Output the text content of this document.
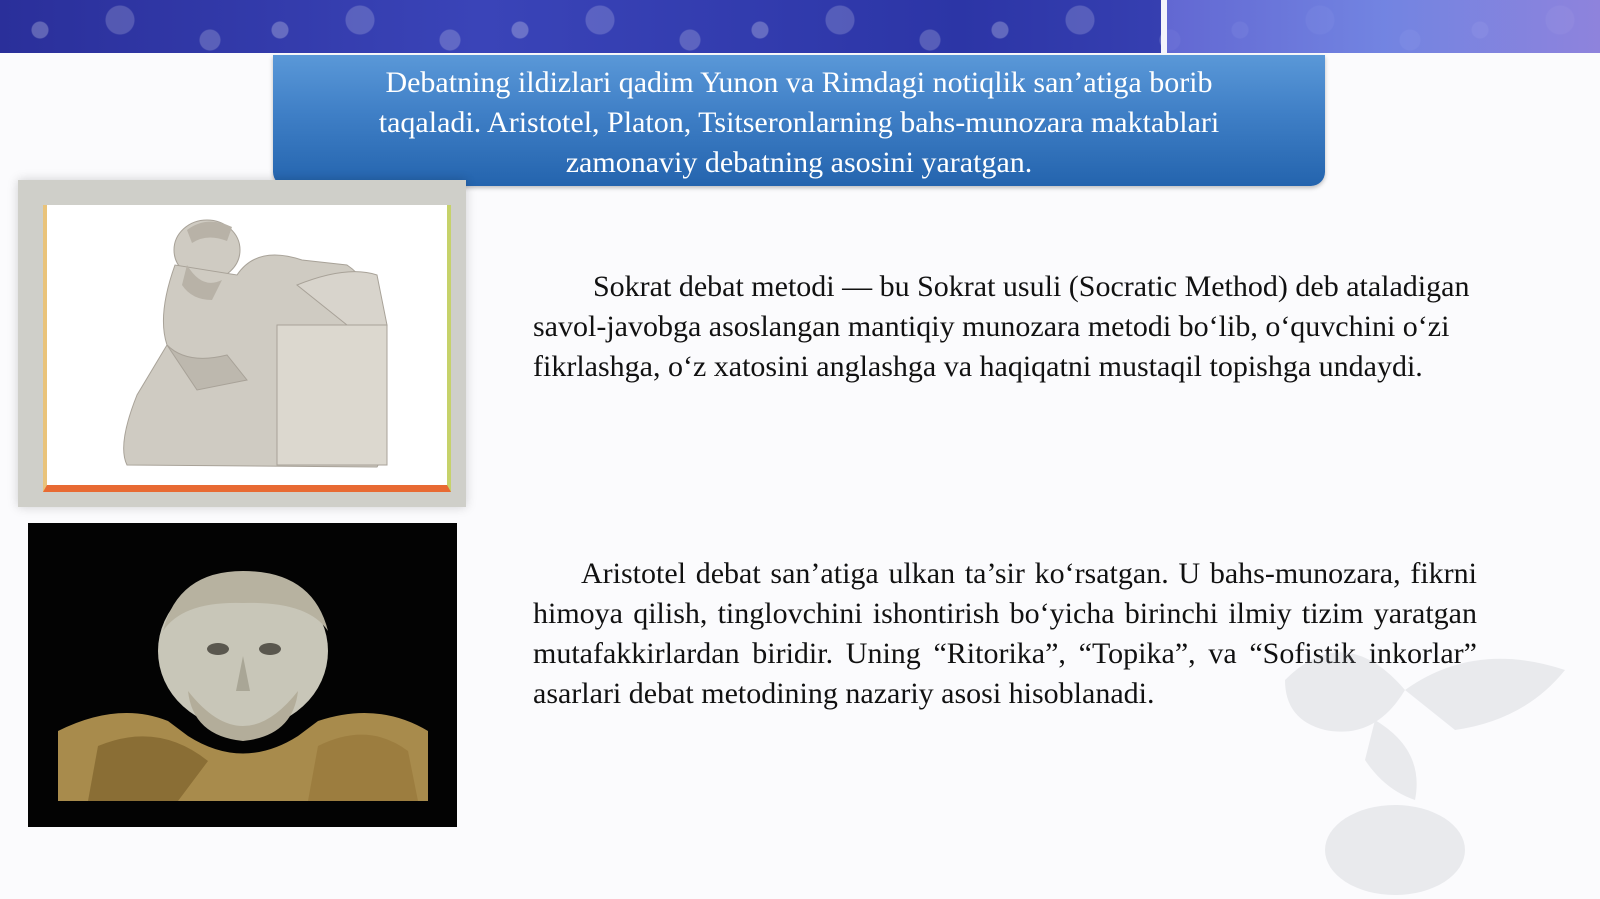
Debatning ildizlari qadim Yunon va Rimdagi notiqlik san’atiga borib
taqaladi. Aristotel, Platon, Tsitseronlarning bahs-munozara maktablari
zamonaviy debatning asosini yaratgan.

Sokrat debat metodi — bu Sokrat usuli (Socratic Method) deb ataladigan savol-javobga asoslangan mantiqiy munozara metodi bo‘lib, o‘quvchini o‘zi fikrlashga, o‘z xatosini anglashga va haqiqatni mustaqil topishga undaydi.

Aristotel debat san’atiga ulkan ta’sir ko‘rsatgan. U bahs-munozara, fikrni himoya qilish, tinglovchini ishontirish bo‘yicha birinchi ilmiy tizim yaratgan mutafakkirlardan biridir. Uning “Ritorika”, “Topika”, va “Sofistik inkorlar” asarlari debat metodining nazariy asosi hisoblanadi.
